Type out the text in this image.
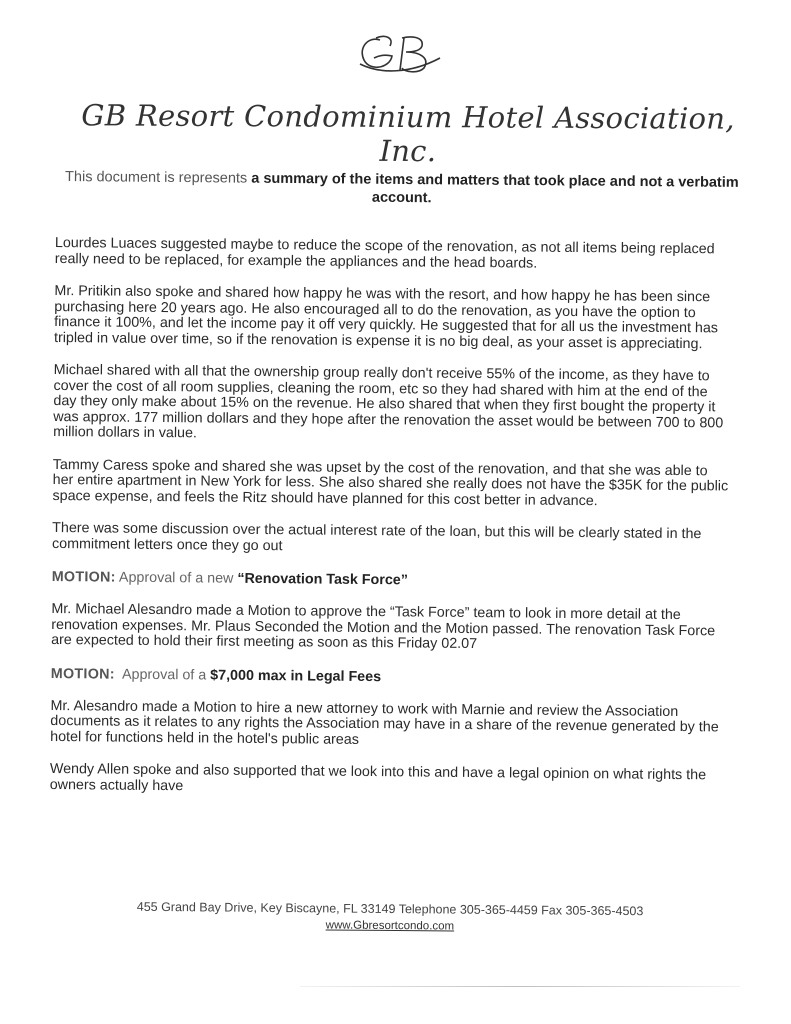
GB Resort Condominium Hotel Association, Inc.
This document is represents a summary of the items and matters that took place and not a verbatim account.

Lourdes Luaces suggested maybe to reduce the scope of the renovation, as not all items being replaced really need to be replaced, for example the appliances and the head boards.

Mr. Pritikin also spoke and shared how happy he was with the resort, and how happy he has been since purchasing here 20 years ago. He also encouraged all to do the renovation, as you have the option to finance it 100%, and let the income pay it off very quickly. He suggested that for all us the investment has tripled in value over time, so if the renovation is expense it is no big deal, as your asset is appreciating.

Michael shared with all that the ownership group really don't receive 55% of the income, as they have to cover the cost of all room supplies, cleaning the room, etc so they had shared with him at the end of the day they only make about 15% on the revenue. He also shared that when they first bought the property it was approx. 177 million dollars and they hope after the renovation the asset would be between 700 to 800 million dollars in value.

Tammy Caress spoke and shared she was upset by the cost of the renovation, and that she was able to her entire apartment in New York for less. She also shared she really does not have the $35K for the public space expense, and feels the Ritz should have planned for this cost better in advance.

There was some discussion over the actual interest rate of the loan, but this will be clearly stated in the commitment letters once they go out

MOTION: Approval of a new “Renovation Task Force”

Mr. Michael Alesandro made a Motion to approve the “Task Force” team to look in more detail at the renovation expenses. Mr. Plaus Seconded the Motion and the Motion passed. The renovation Task Force are expected to hold their first meeting as soon as this Friday 02.07

MOTION:  Approval of a $7,000 max in Legal Fees

Mr. Alesandro made a Motion to hire a new attorney to work with Marnie and review the Association documents as it relates to any rights the Association may have in a share of the revenue generated by the hotel for functions held in the hotel's public areas

Wendy Allen spoke and also supported that we look into this and have a legal opinion on what rights the owners actually have

455 Grand Bay Drive, Key Biscayne, FL 33149 Telephone 305-365-4459 Fax 305-365-4503
www.Gbresortcondo.com
